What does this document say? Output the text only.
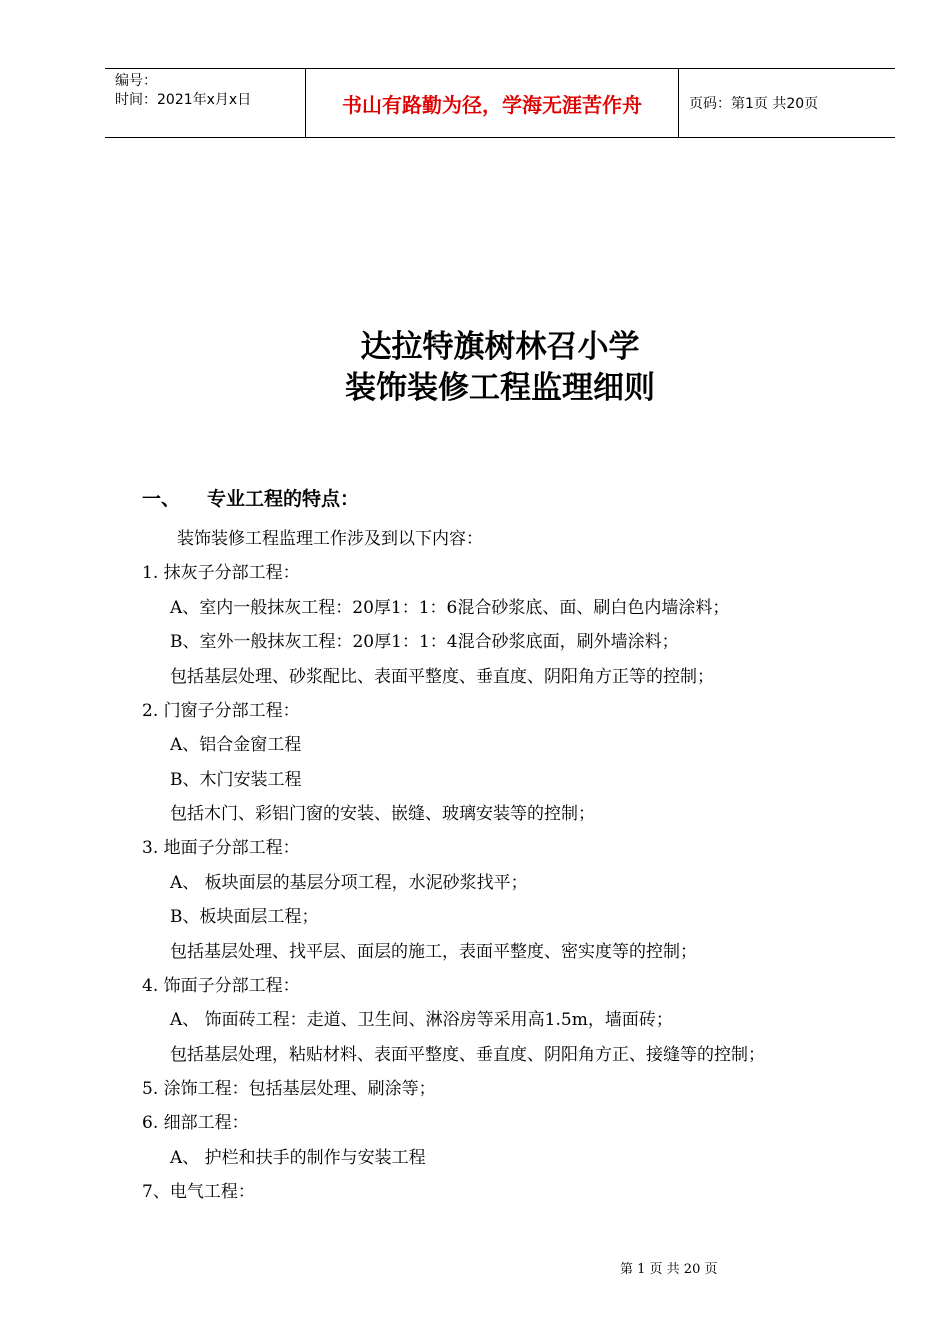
编号：
时间：2021年x月x日	书山有路勤为径，学海无涯苦作舟	页码：第1页 共20页
达拉特旗树林召小学
装饰装修工程监理细则
一、 专业工程的特点：
装饰装修工程监理工作涉及到以下内容：
1. 抹灰子分部工程：
A、室内一般抹灰工程：20厚1：1：6混合砂浆底、面、刷白色内墙涂料；
B、室外一般抹灰工程：20厚1：1：4混合砂浆底面，刷外墙涂料；
包括基层处理、砂浆配比、表面平整度、垂直度、阴阳角方正等的控制；
2. 门窗子分部工程：
A、铝合金窗工程
B、木门安装工程
包括木门、彩铝门窗的安装、嵌缝、玻璃安装等的控制；
3. 地面子分部工程：
A、 板块面层的基层分项工程，水泥砂浆找平；
B、板块面层工程；
包括基层处理、找平层、面层的施工，表面平整度、密实度等的控制；
4. 饰面子分部工程：
A、 饰面砖工程：走道、卫生间、淋浴房等采用高1.5m，墙面砖；
包括基层处理，粘贴材料、表面平整度、垂直度、阴阳角方正、接缝等的控制；
5. 涂饰工程：包括基层处理、刷涂等；
6. 细部工程：
A、 护栏和扶手的制作与安装工程
7、电气工程：
第 1 页 共 20 页
